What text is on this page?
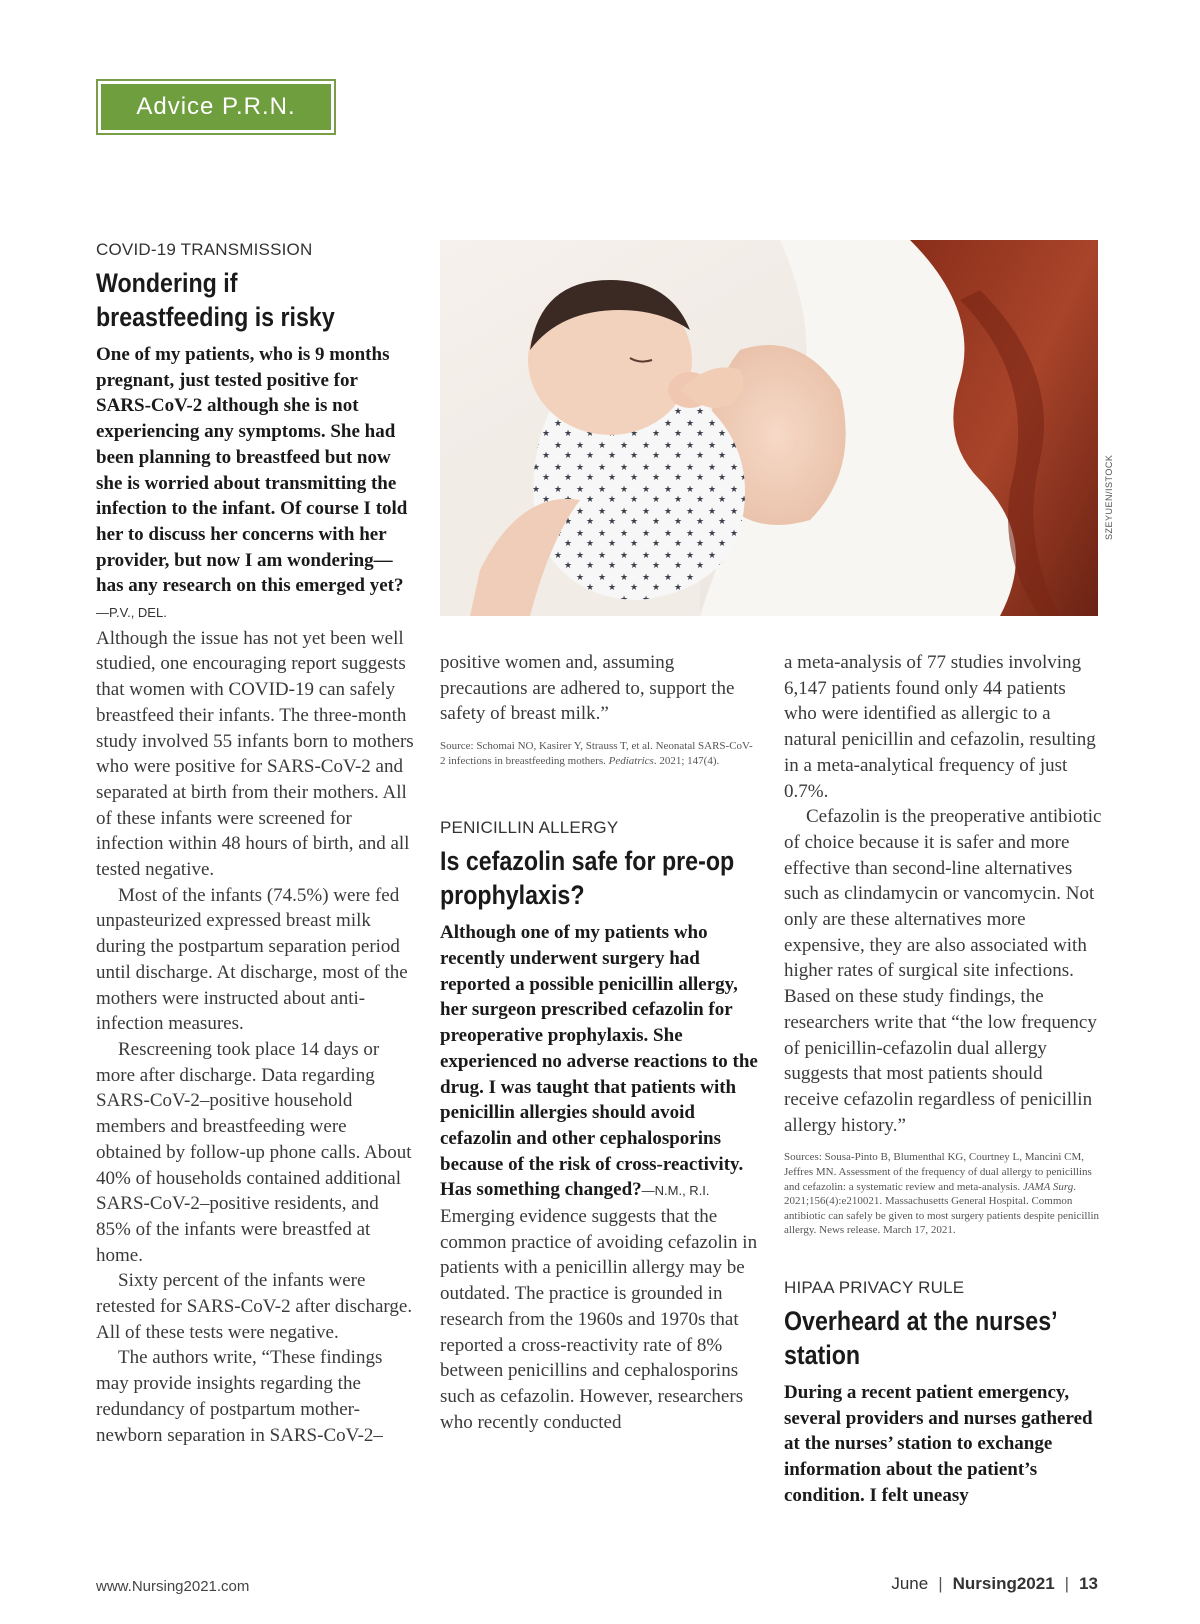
Advice P.R.N.
COVID-19 TRANSMISSION
Wondering if
breastfeeding is risky
One of my patients, who is 9 months pregnant, just tested positive for SARS-CoV-2 although she is not experiencing any symptoms. She had been planning to breastfeed but now she is worried about transmitting the infection to the infant. Of course I told her to discuss her concerns with her provider, but now I am wondering—has any research on this emerged yet?—P.V., DEL.

Although the issue has not yet been well studied, one encouraging report suggests that women with COVID-19 can safely breastfeed their infants. The three-month study involved 55 infants born to mothers who were positive for SARS-CoV-2 and separated at birth from their mothers. All of these infants were screened for infection within 48 hours of birth, and all tested negative.

Most of the infants (74.5%) were fed unpasteurized expressed breast milk during the postpartum separation period until discharge. At discharge, most of the mothers were instructed about anti-infection measures.

Rescreening took place 14 days or more after discharge. Data regarding SARS-CoV-2–positive household members and breastfeeding were obtained by follow-up phone calls. About 40% of households contained additional SARS-CoV-2–positive residents, and 85% of the infants were breastfed at home.

Sixty percent of the infants were retested for SARS-CoV-2 after discharge. All of these tests were negative.

The authors write, “These findings may provide insights regarding the redundancy of postpartum mother-newborn separation in SARS-CoV-2–

SZEYUEN/ISTOCK

positive women and, assuming precautions are adhered to, support the safety of breast milk.”

Source: Schomai NO, Kasirer Y, Strauss T, et al. Neonatal SARS-CoV-2 infections in breastfeeding mothers. Pediatrics. 2021; 147(4).
PENICILLIN ALLERGY
Is cefazolin safe for pre-op prophylaxis?
Although one of my patients who recently underwent surgery had reported a possible penicillin allergy, her surgeon prescribed cefazolin for preoperative prophylaxis. She experienced no adverse reactions to the drug. I was taught that patients with penicillin allergies should avoid cefazolin and other cephalosporins because of the risk of cross-reactivity. Has something changed?—N.M., R.I.

Emerging evidence suggests that the common practice of avoiding cefazolin in patients with a penicillin allergy may be outdated. The practice is grounded in research from the 1960s and 1970s that reported a cross-reactivity rate of 8% between penicillins and cephalosporins such as cefazolin. However, researchers who recently conducted

a meta-analysis of 77 studies involving 6,147 patients found only 44 patients who were identified as allergic to a natural penicillin and cefazolin, resulting in a meta-analytical frequency of just 0.7%.

Cefazolin is the preoperative antibiotic of choice because it is safer and more effective than second-line alternatives such as clindamycin or vancomycin. Not only are these alternatives more expensive, they are also associated with higher rates of surgical site infections. Based on these study findings, the researchers write that “the low frequency of penicillin-cefazolin dual allergy suggests that most patients should receive cefazolin regardless of penicillin allergy history.”

Sources: Sousa-Pinto B, Blumenthal KG, Courtney L, Mancini CM, Jeffres MN. Assessment of the frequency of dual allergy to penicillins and cefazolin: a systematic review and meta-analysis. JAMA Surg. 2021;156(4):e210021. Massachusetts General Hospital. Common antibiotic can safely be given to most surgery patients despite penicillin allergy. News release. March 17, 2021.
HIPAA PRIVACY RULE
Overheard at the nurses’ station
During a recent patient emergency, several providers and nurses gathered at the nurses’ station to exchange information about the patient’s condition. I felt uneasy
www.Nursing2021.com	June | Nursing2021 | 13
